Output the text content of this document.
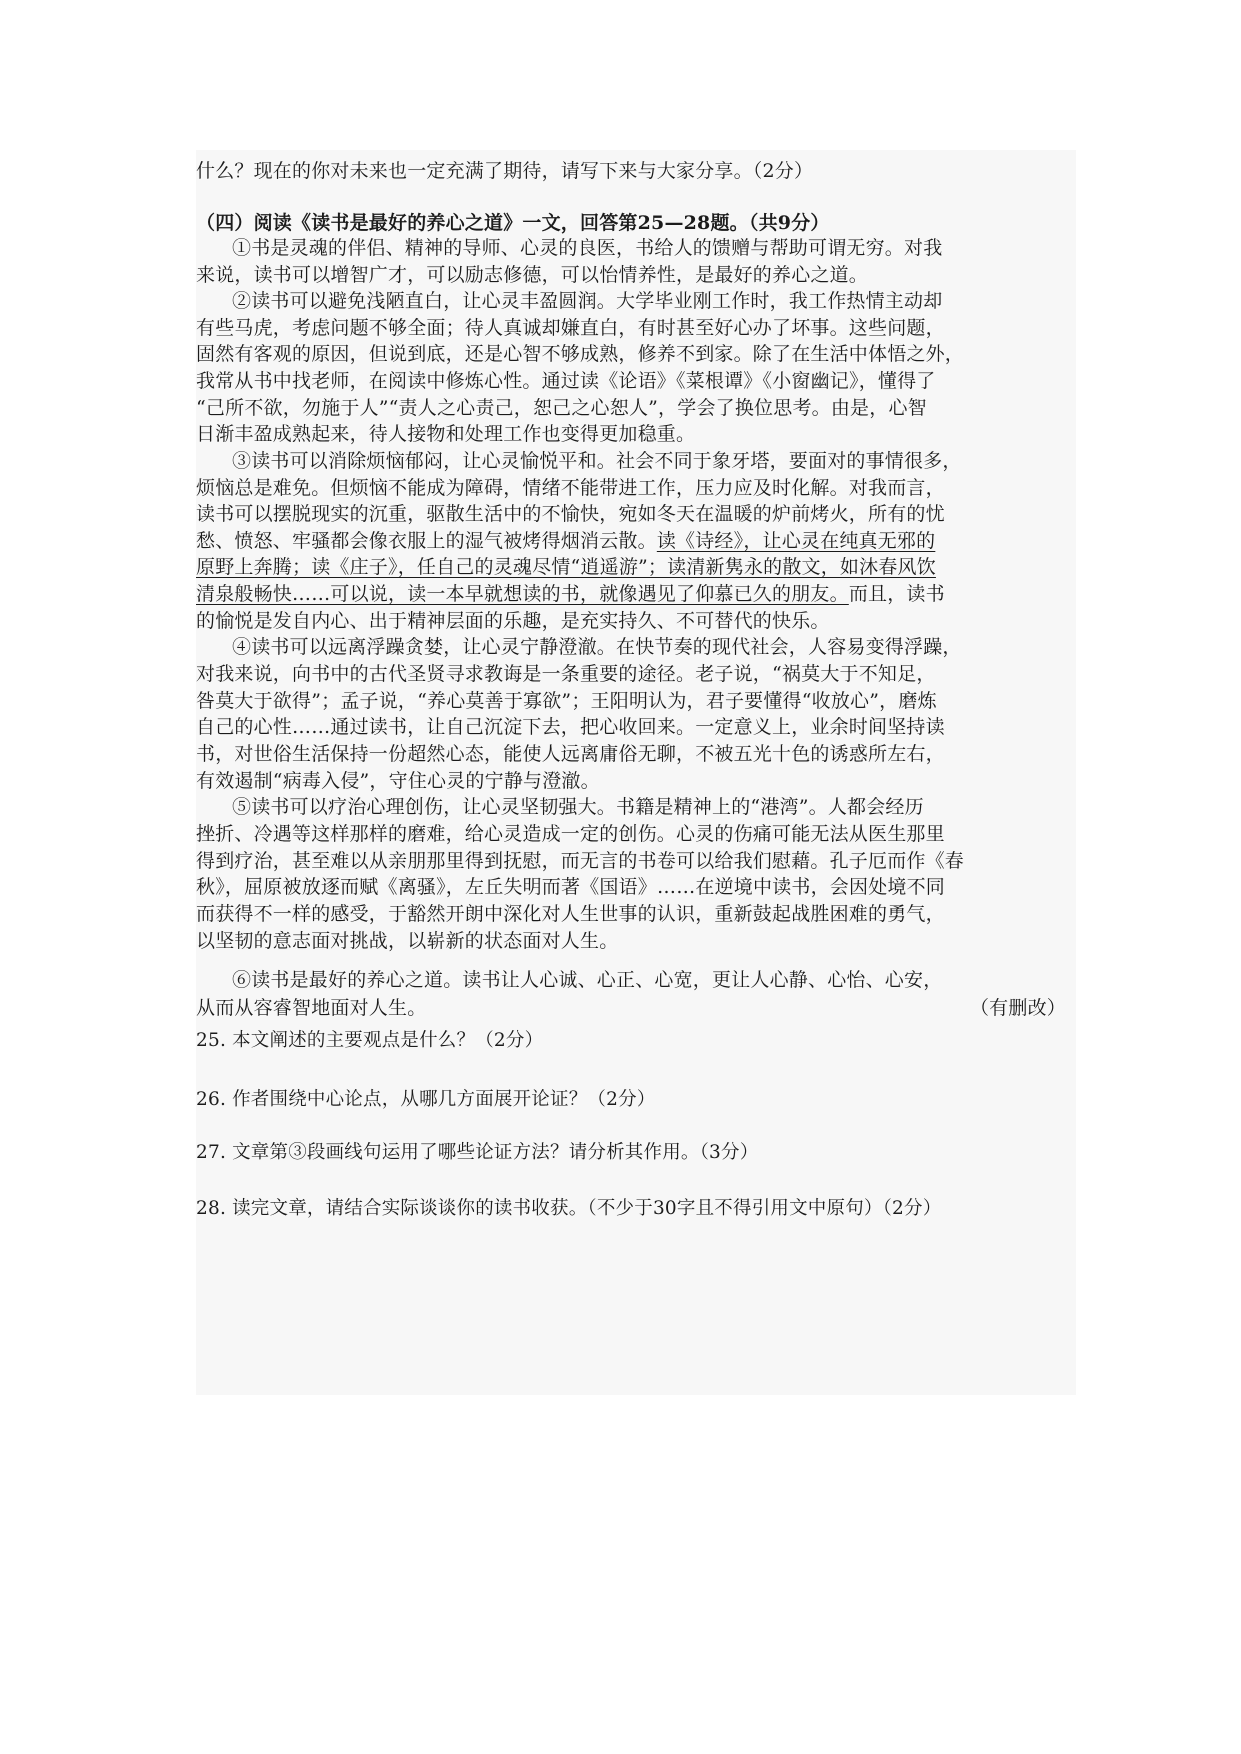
什么？现在的你对未来也一定充满了期待，请写下来与大家分享。（2分）
（四）阅读《读书是最好的养心之道》一文，回答第25—28题。（共9分）
①书是灵魂的伴侣、精神的导师、心灵的良医，书给人的馈赠与帮助可谓无穷。对我
来说，读书可以增智广才，可以励志修德，可以怡情养性，是最好的养心之道。
②读书可以避免浅陋直白，让心灵丰盈圆润。大学毕业刚工作时，我工作热情主动却
有些马虎，考虑问题不够全面；待人真诚却嫌直白，有时甚至好心办了坏事。这些问题，
固然有客观的原因，但说到底，还是心智不够成熟，修养不到家。除了在生活中体悟之外，
我常从书中找老师，在阅读中修炼心性。通过读《论语》《菜根谭》《小窗幽记》，懂得了
“己所不欲，勿施于人”“责人之心责己，恕己之心恕人”，学会了换位思考。由是，心智
日渐丰盈成熟起来，待人接物和处理工作也变得更加稳重。
③读书可以消除烦恼郁闷，让心灵愉悦平和。社会不同于象牙塔，要面对的事情很多，
烦恼总是难免。但烦恼不能成为障碍，情绪不能带进工作，压力应及时化解。对我而言，
读书可以摆脱现实的沉重，驱散生活中的不愉快，宛如冬天在温暖的炉前烤火，所有的忧
愁、愤怒、牢骚都会像衣服上的湿气被烤得烟消云散。读《诗经》，让心灵在纯真无邪的
原野上奔腾；读《庄子》，任自己的灵魂尽情“逍遥游”；读清新隽永的散文，如沐春风饮
清泉般畅快……可以说，读一本早就想读的书，就像遇见了仰慕已久的朋友。而且，读书
的愉悦是发自内心、出于精神层面的乐趣，是充实持久、不可替代的快乐。
④读书可以远离浮躁贪婪，让心灵宁静澄澈。在快节奏的现代社会，人容易变得浮躁，
对我来说，向书中的古代圣贤寻求教诲是一条重要的途径。老子说，“祸莫大于不知足，
咎莫大于欲得”；孟子说，“养心莫善于寡欲”；王阳明认为，君子要懂得“收放心”，磨炼
自己的心性……通过读书，让自己沉淀下去，把心收回来。一定意义上，业余时间坚持读
书，对世俗生活保持一份超然心态，能使人远离庸俗无聊，不被五光十色的诱惑所左右，
有效遏制“病毒入侵”，守住心灵的宁静与澄澈。
⑤读书可以疗治心理创伤，让心灵坚韧强大。书籍是精神上的“港湾”。人都会经历
挫折、冷遇等这样那样的磨难，给心灵造成一定的创伤。心灵的伤痛可能无法从医生那里
得到疗治，甚至难以从亲朋那里得到抚慰，而无言的书卷可以给我们慰藉。孔子厄而作《春
秋》，屈原被放逐而赋《离骚》，左丘失明而著《国语》……在逆境中读书，会因处境不同
而获得不一样的感受，于豁然开朗中深化对人生世事的认识，重新鼓起战胜困难的勇气，
以坚韧的意志面对挑战，以崭新的状态面对人生。
⑥读书是最好的养心之道。读书让人心诚、心正、心宽，更让人心静、心怡、心安，
从而从容睿智地面对人生。	（有删改）
25. 本文阐述的主要观点是什么？（2分）
26. 作者围绕中心论点，从哪几方面展开论证？（2分）
27. 文章第③段画线句运用了哪些论证方法？请分析其作用。（3分）
28. 读完文章，请结合实际谈谈你的读书收获。（不少于30字且不得引用文中原句）（2分）
